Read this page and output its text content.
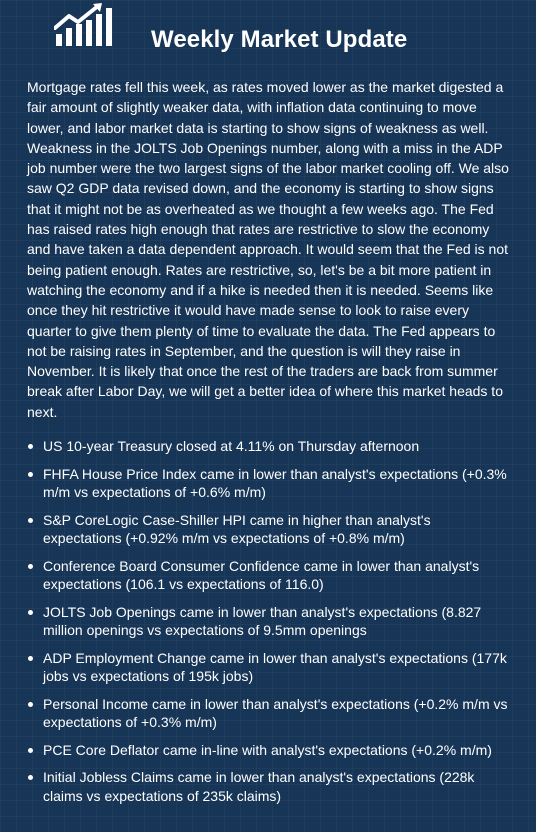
Weekly Market Update

Mortgage rates fell this week, as rates moved lower as the market digested a fair amount of slightly weaker data, with inflation data continuing to move lower, and labor market data is starting to show signs of weakness as well. Weakness in the JOLTS Job Openings number, along with a miss in the ADP job number were the two largest signs of the labor market cooling off. We also saw Q2 GDP data revised down, and the economy is starting to show signs that it might not be as overheated as we thought a few weeks ago. The Fed has raised rates high enough that rates are restrictive to slow the economy and have taken a data dependent approach. It would seem that the Fed is not being patient enough. Rates are restrictive, so, let's be a bit more patient in watching the economy and if a hike is needed then it is needed. Seems like once they hit restrictive it would have made sense to look to raise every quarter to give them plenty of time to evaluate the data. The Fed appears to not be raising rates in September, and the question is will they raise in November. It is likely that once the rest of the traders are back from summer break after Labor Day, we will get a better idea of where this market heads to next.

US 10-year Treasury closed at 4.11% on Thursday afternoon
FHFA House Price Index came in lower than analyst's expectations (+0.3% m/m vs expectations of +0.6% m/m)
S&P CoreLogic Case-Shiller HPI came in higher than analyst's expectations (+0.92% m/m vs expectations of +0.8% m/m)
Conference Board Consumer Confidence came in lower than analyst's expectations (106.1 vs expectations of 116.0)
JOLTS Job Openings came in lower than analyst's expectations (8.827 million openings vs expectations of 9.5mm openings
ADP Employment Change came in lower than analyst's expectations (177k jobs vs expectations of 195k jobs)
Personal Income came in lower than analyst's expectations (+0.2% m/m vs expectations of +0.3% m/m)
PCE Core Deflator came in-line with analyst's expectations (+0.2% m/m)
Initial Jobless Claims came in lower than analyst's expectations (228k claims vs expectations of 235k claims)
